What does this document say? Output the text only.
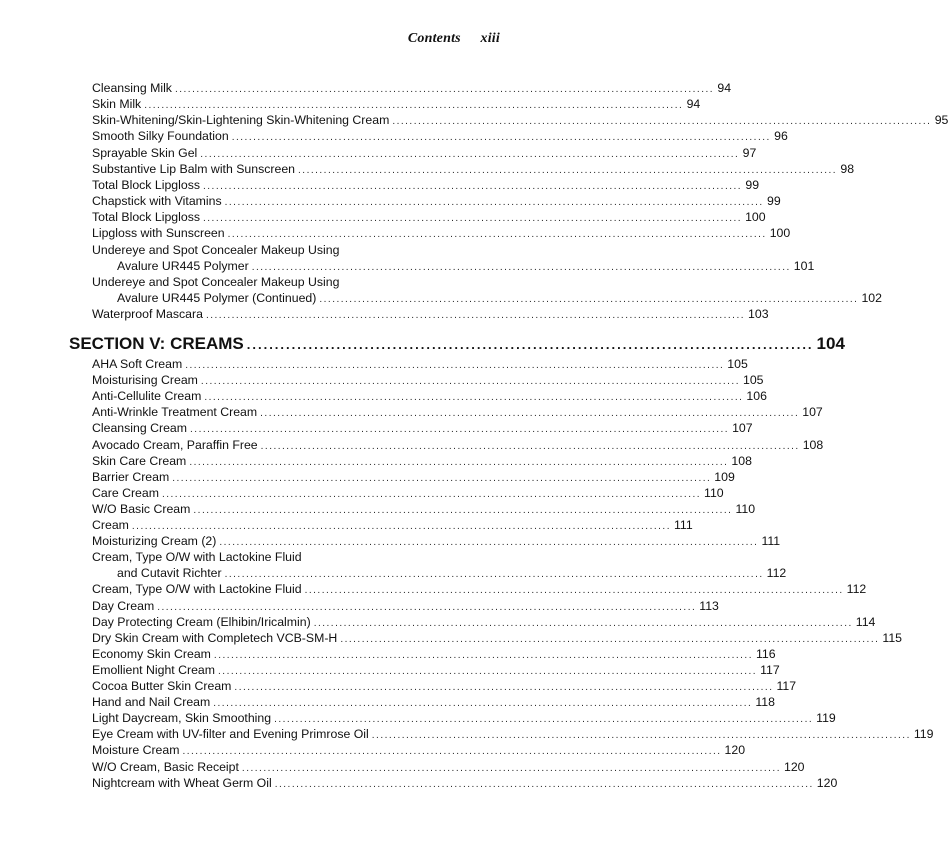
Contents xiii
Cleansing Milk .............................................................................................................................. 94
Skin Milk .............................................................................................................................. 94
Skin-Whitening/Skin-Lightening Skin-Whitening Cream .............................................................................................................................. 95
Smooth Silky Foundation .............................................................................................................................. 96
Sprayable Skin Gel .............................................................................................................................. 97
Substantive Lip Balm with Sunscreen .............................................................................................................................. 98
Total Block Lipgloss .............................................................................................................................. 99
Chapstick with Vitamins .............................................................................................................................. 99
Total Block Lipgloss .............................................................................................................................. 100
Lipgloss with Sunscreen .............................................................................................................................. 100
Undereye and Spot Concealer Makeup Using
Avalure UR445 Polymer .............................................................................................................................. 101
Undereye and Spot Concealer Makeup Using
Avalure UR445 Polymer (Continued) .............................................................................................................................. 102
Waterproof Mascara .............................................................................................................................. 103
AHA Soft Cream .............................................................................................................................. 105
Moisturising Cream .............................................................................................................................. 105
Anti-Cellulite Cream .............................................................................................................................. 106
Anti-Wrinkle Treatment Cream .............................................................................................................................. 107
Cleansing Cream .............................................................................................................................. 107
Avocado Cream, Paraffin Free .............................................................................................................................. 108
Skin Care Cream .............................................................................................................................. 108
Barrier Cream .............................................................................................................................. 109
Care Cream .............................................................................................................................. 110
W/O Basic Cream .............................................................................................................................. 110
Cream .............................................................................................................................. 111
Moisturizing Cream (2) .............................................................................................................................. 111
Cream, Type O/W with Lactokine Fluid
and Cutavit Richter .............................................................................................................................. 112
Cream, Type O/W with Lactokine Fluid .............................................................................................................................. 112
Day Cream .............................................................................................................................. 113
Day Protecting Cream (Elhibin/Iricalmin) .............................................................................................................................. 114
Dry Skin Cream with Completech VCB-SM-H .............................................................................................................................. 115
Economy Skin Cream .............................................................................................................................. 116
Emollient Night Cream .............................................................................................................................. 117
Cocoa Butter Skin Cream .............................................................................................................................. 117
Hand and Nail Cream .............................................................................................................................. 118
Light Daycream, Skin Smoothing .............................................................................................................................. 119
Eye Cream with UV-filter and Evening Primrose Oil .............................................................................................................................. 119
Moisture Cream .............................................................................................................................. 120
W/O Cream, Basic Receipt .............................................................................................................................. 120
Nightcream with Wheat Germ Oil .............................................................................................................................. 120
SECTION V: CREAMS ..................................................................................................... 104
